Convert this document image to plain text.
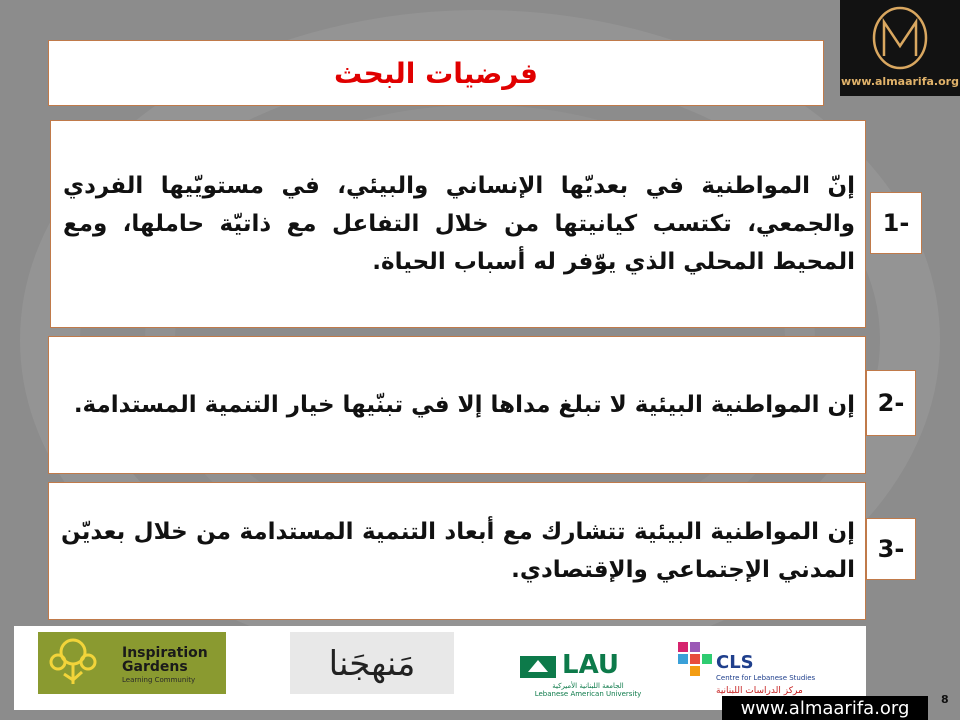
فرضيات البحث
إنّ المواطنية في بعديّها الإنساني والبيئي، في مستويّيها الفردي والجمعي، تكتسب كيانيتها من خلال التفاعل مع ذاتيّة حاملها، ومع المحيط المحلي الذي يوّفر له أسباب الحياة.
1-
إن المواطنية البيئية لا تبلغ مداها إلا في تبنّيها خيار التنمية المستدامة. 2-
إن المواطنية البيئية تتشارك مع أبعاد التنمية المستدامة من خلال بعديّن المدني الإجتماعي والإقتصادي.
3-
www.almaarifa.org
Inspiration
Gardens
Learning Community	مَنهجَنا	LAU
الجامعة اللبنانية الأميركية
Lebanese American University
CLS
Centre for Lebanese Studies
مركز الدراسات اللبنانية
8
www.almaarifa.org
